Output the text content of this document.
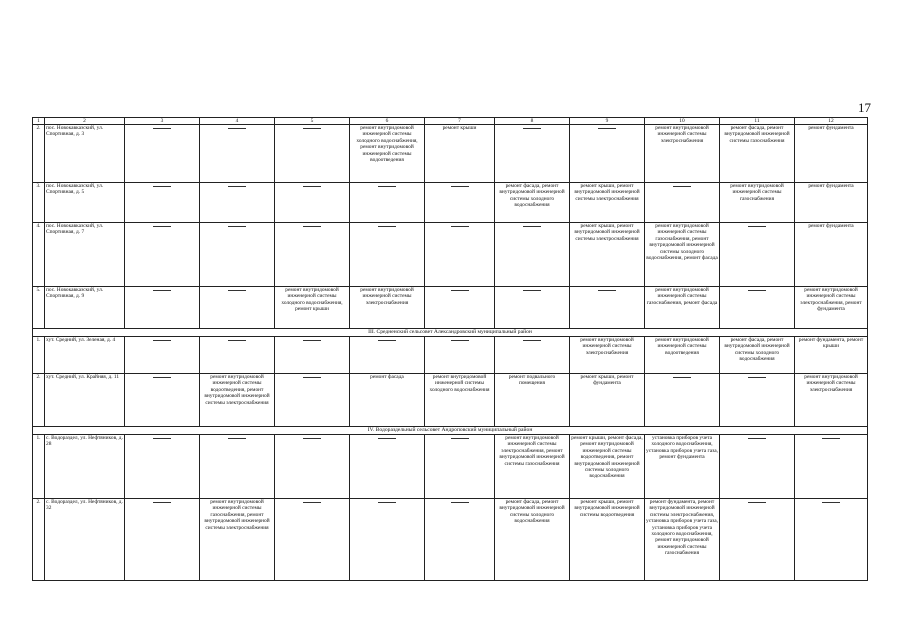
17
1	2	3	4	5	6	7	8	9	10	11	12
2.	пос. Новокавказский, ул. Спортивная, д. 3				ремонт внутридомовой инженерной системы холодного водоснабжения, ремонт внутридомовой инженерной системы водоотведения	ремонт крыши			ремонт внутридомовой инженерной системы электроснабжения	ремонт фасада, ремонт внутридомовой инженерной системы газоснабжения	ремонт фундамента
3.	пос. Новокавказский, ул. Спортивная, д. 5						ремонт фасада, ремонт внутридомовой инженерной системы холодного водоснабжения	ремонт крыши, ремонт внутридомовой инженерной системы электроснабжения		ремонт внутридомовой инженерной системы газоснабжения	ремонт фундамента
4.	пос. Новокавказский, ул. Спортивная, д. 7							ремонт крыши, ремонт внутридомовой инженерной системы электроснабжения	ремонт внутридомовой инженерной системы газоснабжения, ремонт внутридомовой инженерной системы холодного водоснабжения, ремонт фасада		ремонт фундамента
5.	пос. Новокавказский, ул. Спортивная, д. 9			ремонт внутридомовой инженерной системы холодного водоснабжения, ремонт крыши	ремонт внутридомовой инженерной системы электроснабжения				ремонт внутридомовой инженерной системы газоснабжения, ремонт фасада		ремонт внутридомовой инженерной системы электроснабжения, ремонт фундамента
III. Средненский сельсовет Александровский муниципальный район											
1.	хут. Средний, ул. Зеленая, д. 4							ремонт внутридомовой инженерной системы электроснабжения	ремонт внутридомовой инженерной системы водоотведения	ремонт фасада, ремонт внутридомовой инженерной системы холодного водоснабжения	ремонт фундамента, ремонт крыши
2.	хут. Средний, ул. Крайняя, д. 11		ремонт внутридомовой инженерной системы водоотведения, ремонт внутридомовой инженерной системы электроснабжения		ремонт фасада	ремонт внутридомовой инженерной системы холодного водоснабжения	ремонт подвального помещения	ремонт крыши, ремонт фундамента			ремонт внутридомовой инженерной системы электроснабжения
IV. Водораздельный сельсовет Андроповский муниципальный район											
1.	с. Водораздел, ул. Нефтяников, д. 28						ремонт внутридомовой инженерной системы электроснабжения, ремонт внутридомовой инженерной системы газоснабжения	ремонт крыши, ремонт фасада, ремонт внутридомовой инженерной системы водоотведения, ремонт внутридомовой инженерной системы холодного водоснабжения	установка приборов учета холодного водоснабжения, установка приборов учета газа, ремонт фундамента	

2.	с. Водораздел, ул. Нефтяников, д. 32		ремонт внутридомовой инженерной системы газоснабжения, ремонт внутридомовой инженерной системы электроснабжения				ремонт фасада, ремонт внутридомовой инженерной системы холодного водоснабжения	ремонт крыши, ремонт внутридомовой инженерной системы водоотведения	ремонт фундамента, ремонт внутридомовой инженерной системы электроснабжения, установка приборов учета газа, установка приборов учета холодного водоснабжения, ремонт внутридомовой инженерной системы газоснабжения	
